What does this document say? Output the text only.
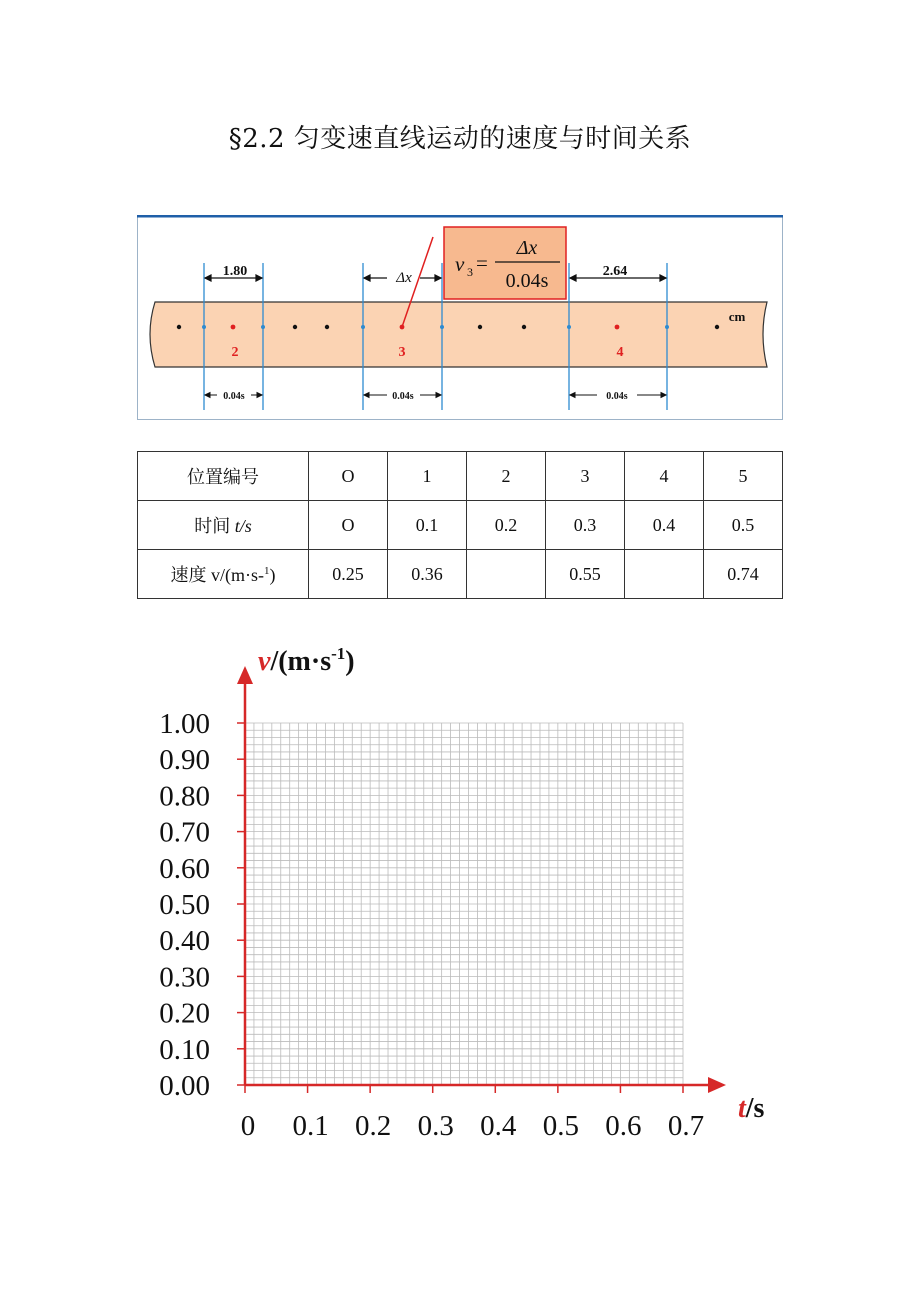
§2.2 匀变速直线运动的速度与时间关系
1.80	Δx	2.64
cm
0.04s	0.04s	0.04s
v 3 =
Δx
0.04s
2	3	4
位置编号	O	1	2	3	4	5
时间 t/s	O	0.1	0.2	0.3	0.4	0.5
速度 v/(m·s-$^1$)	0.25	0.36		0.55		0.74
0.00
0.10
0.20
0.30
0.40
0.50
0.60
0.70
0.80
0.90
1.00
0 0.1 0.2 0.3 0.4 0.5 0.6 0.7
$v/(m\cdot s^{-1})$
t/s
